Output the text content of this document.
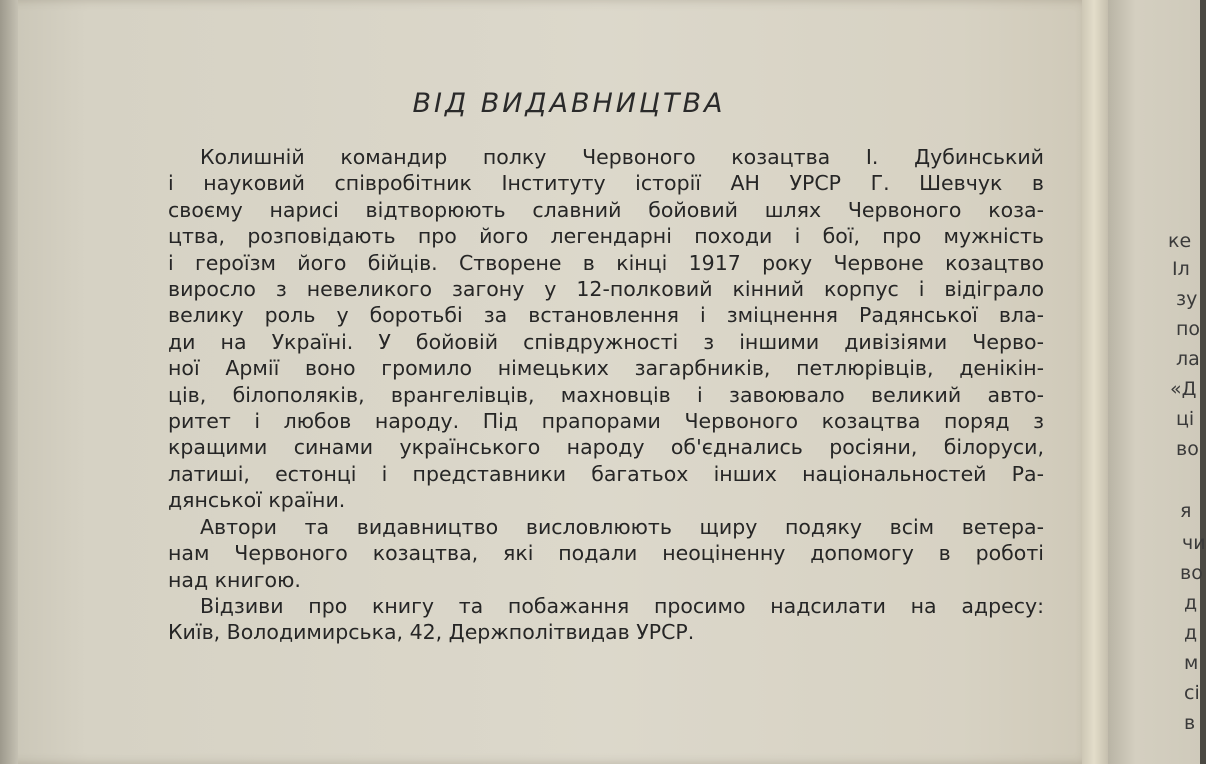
ВІД ВИДАВНИЦТВА
Колишній командир полку Червоного козацтва І. Дубинський
і науковий співробітник Інституту історії АН УРСР Г. Шевчук в
своєму нарисі відтворюють славний бойовий шлях Червоного коза-
цтва, розповідають про його легендарні походи і бої, про мужність
і героїзм його бійців. Створене в кінці 1917 року Червоне козацтво
виросло з невеликого загону у 12-полковий кінний корпус і відіграло
велику роль у боротьбі за встановлення і зміцнення Радянської вла-
ди на Україні. У бойовій співдружності з іншими дивізіями Черво-
ної Армії воно громило німецьких загарбників, петлюрівців, денікін-
ців, білополяків, врангелівців, махновців і завоювало великий авто-
ритет і любов народу. Під прапорами Червоного козацтва поряд з
кращими синами українського народу об'єднались росіяни, білоруси,
латиші, естонці і представники багатьох інших національностей Ра-
дянської країни.
Автори та видавництво висловлюють щиру подяку всім ветера-
нам Червоного козацтва, які подали неоціненну допомогу в роботі
над книгою.
Відзиви про книгу та побажання просимо надсилати на адресу:
Київ, Володимирська, 42, Держполітвидав УРСР.
ке
Іл
зу
по
ла
«Д
ці
во
я
чи
во
д
д
м
сі
в
